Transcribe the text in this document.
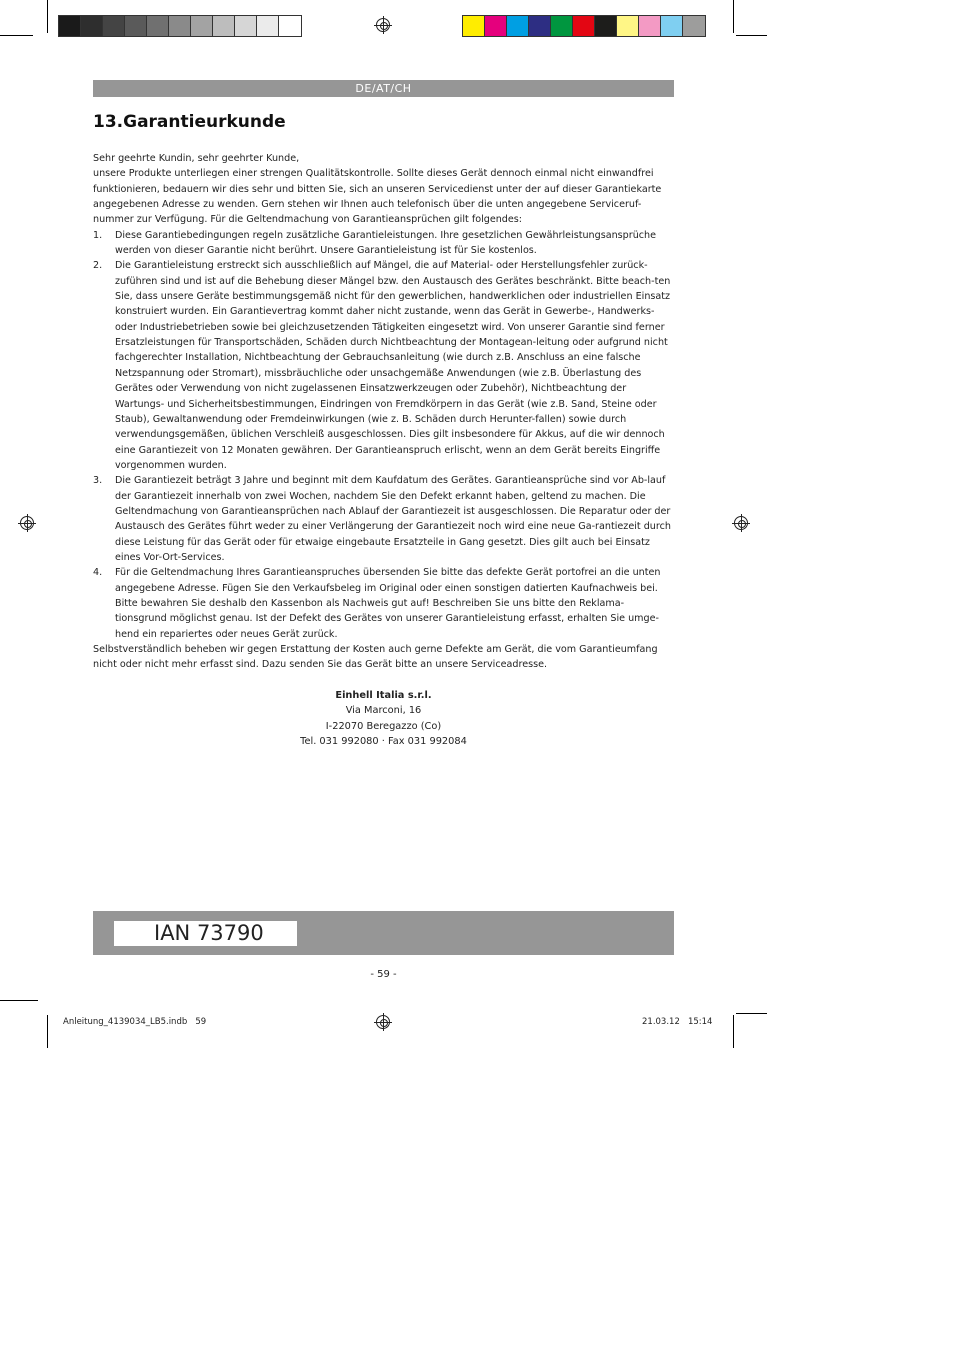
DE/AT/CH
13.Garantieurkunde

Sehr geehrte Kundin, sehr geehrter Kunde,

unsere Produkte unterliegen einer strengen Qualitätskontrolle. Sollte dieses Gerät dennoch einmal nicht einwandfrei funktionieren, bedauern wir dies sehr und bitten Sie, sich an unseren Servicedienst unter der auf dieser Garantiekarte angegebenen Adresse zu wenden. Gern stehen wir Ihnen auch telefonisch über die unten angegebene Serviceruf-nummer zur Verfügung. Für die Geltendmachung von Garantieansprüchen gilt folgendes:

1. Diese Garantiebedingungen regeln zusätzliche Garantieleistungen. Ihre gesetzlichen Gewährleistungsansprüche werden von dieser Garantie nicht berührt. Unsere Garantieleistung ist für Sie kostenlos.
2. Die Garantieleistung erstreckt sich ausschließlich auf Mängel, die auf Material- oder Herstellungsfehler zurück-zuführen sind und ist auf die Behebung dieser Mängel bzw. den Austausch des Gerätes beschränkt. Bitte beach-ten Sie, dass unsere Geräte bestimmungsgemäß nicht für den gewerblichen, handwerklichen oder industriellen Einsatz konstruiert wurden. Ein Garantievertrag kommt daher nicht zustande, wenn das Gerät in Gewerbe-, Handwerks- oder Industriebetrieben sowie bei gleichzusetzenden Tätigkeiten eingesetzt wird. Von unserer Garantie sind ferner Ersatzleistungen für Transportschäden, Schäden durch Nichtbeachtung der Montagean-leitung oder aufgrund nicht fachgerechter Installation, Nichtbeachtung der Gebrauchsanleitung (wie durch z.B. Anschluss an eine falsche Netzspannung oder Stromart), missbräuchliche oder unsachgemäße Anwendungen (wie z.B. Überlastung des Gerätes oder Verwendung von nicht zugelassenen Einsatzwerkzeugen oder Zubehör), Nichtbeachtung der Wartungs- und Sicherheitsbestimmungen, Eindringen von Fremdkörpern in das Gerät (wie z.B. Sand, Steine oder Staub), Gewaltanwendung oder Fremdeinwirkungen (wie z. B. Schäden durch Herunter-fallen) sowie durch verwendungsgemäßen, üblichen Verschleiß ausgeschlossen. Dies gilt insbesondere für Akkus, auf die wir dennoch eine Garantiezeit von 12 Monaten gewähren. Der Garantieanspruch erlischt, wenn an dem Gerät bereits Eingriffe vorgenommen wurden.
3. Die Garantiezeit beträgt 3 Jahre und beginnt mit dem Kaufdatum des Gerätes. Garantieansprüche sind vor Ab-lauf der Garantiezeit innerhalb von zwei Wochen, nachdem Sie den Defekt erkannt haben, geltend zu machen. Die Geltendmachung von Garantieansprüchen nach Ablauf der Garantiezeit ist ausgeschlossen. Die Reparatur oder der Austausch des Gerätes führt weder zu einer Verlängerung der Garantiezeit noch wird eine neue Ga-rantiezeit durch diese Leistung für das Gerät oder für etwaige eingebaute Ersatzteile in Gang gesetzt. Dies gilt auch bei Einsatz eines Vor-Ort-Services.
4. Für die Geltendmachung Ihres Garantieanspruches übersenden Sie bitte das defekte Gerät portofrei an die unten angegebene Adresse. Fügen Sie den Verkaufsbeleg im Original oder einen sonstigen datierten Kaufnachweis bei. Bitte bewahren Sie deshalb den Kassenbon als Nachweis gut auf! Beschreiben Sie uns bitte den Reklama-tionsgrund möglichst genau. Ist der Defekt des Gerätes von unserer Garantieleistung erfasst, erhalten Sie umge-hend ein repariertes oder neues Gerät zurück.

Selbstverständlich beheben wir gegen Erstattung der Kosten auch gerne Defekte am Gerät, die vom Garantieumfang nicht oder nicht mehr erfasst sind. Dazu senden Sie das Gerät bitte an unsere Serviceadresse.

Einhell Italia s.r.l.
Via Marconi, 16
I-22070 Beregazzo (Co)
Tel. 031 992080 · Fax 031 992084
IAN 73790
- 59 -
Anleitung_4139034_LB5.indb   59	21.03.12   15:14
